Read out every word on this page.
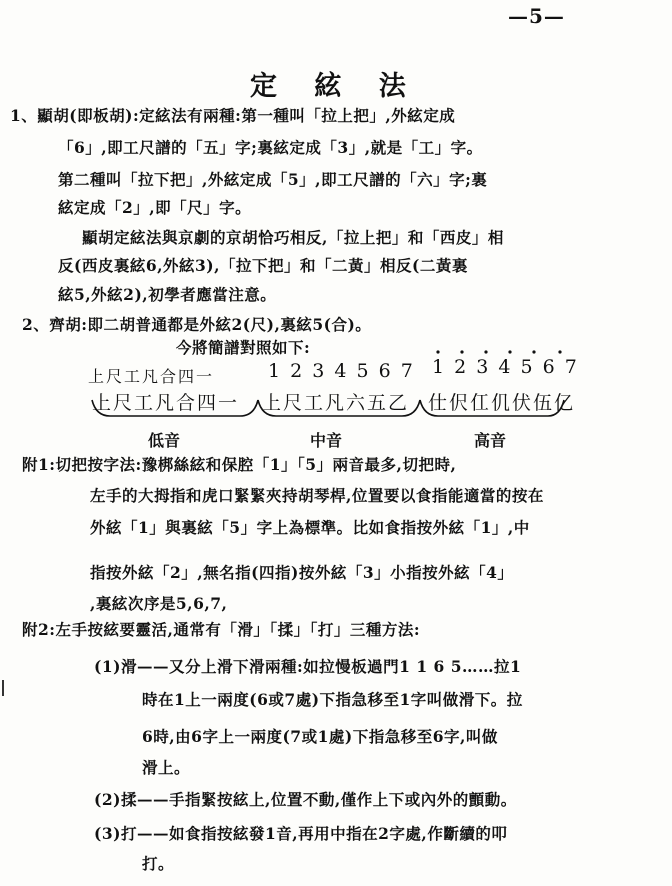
—5—
定 絃 法
1、顯胡(即板胡):定絃法有兩種:第一種叫「拉上把」,外絃定成
「6」,即工尺譜的「五」字;裏絃定成「3」,就是「工」字。
第二種叫「拉下把」,外絃定成「5」,即工尺譜的「六」字;裏
絃定成「2」,即「尺」字。
顯胡定絃法與京劇的京胡恰巧相反,「拉上把」和「西皮」相
反(西皮裏絃6,外絃3),「拉下把」和「二黃」相反(二黃裏
絃5,外絃2),初學者應當注意。
2、齊胡:即二胡普通都是外絃2(尺),裏絃5(合)。
今將簡譜對照如下:
上尺工凡合四一
上尺工凡合四一
低音
1 2 3 4 5 6 7
上尺工凡六五乙
中音
1 2 3 4 5 6 7
仕伬仜仉伏伍亿
高音
附1:切把按字法:豫梆絲絃和保腔「1」「5」兩音最多,切把時,
左手的大拇指和虎口緊緊夾持胡琴桿,位置要以食指能適當的按在
外絃「1」與裏絃「5」字上為標準。比如食指按外絃「1」,中
指按外絃「2」,無名指(四指)按外絃「3」小指按外絃「4」
,裏絃次序是5,6,7,
附2:左手按絃要靈活,通常有「滑」「揉」「打」三種方法:
(1)滑——又分上滑下滑兩種:如拉慢板過門1 1 6 5……拉1
時在1上一兩度(6或7處)下指急移至1字叫做滑下。拉
6時,由6字上一兩度(7或1處)下指急移至6字,叫做
滑上。
(2)揉——手指緊按絃上,位置不動,僅作上下或內外的顫動。
(3)打——如食指按絃發1音,再用中指在2字處,作斷續的叩
打。
